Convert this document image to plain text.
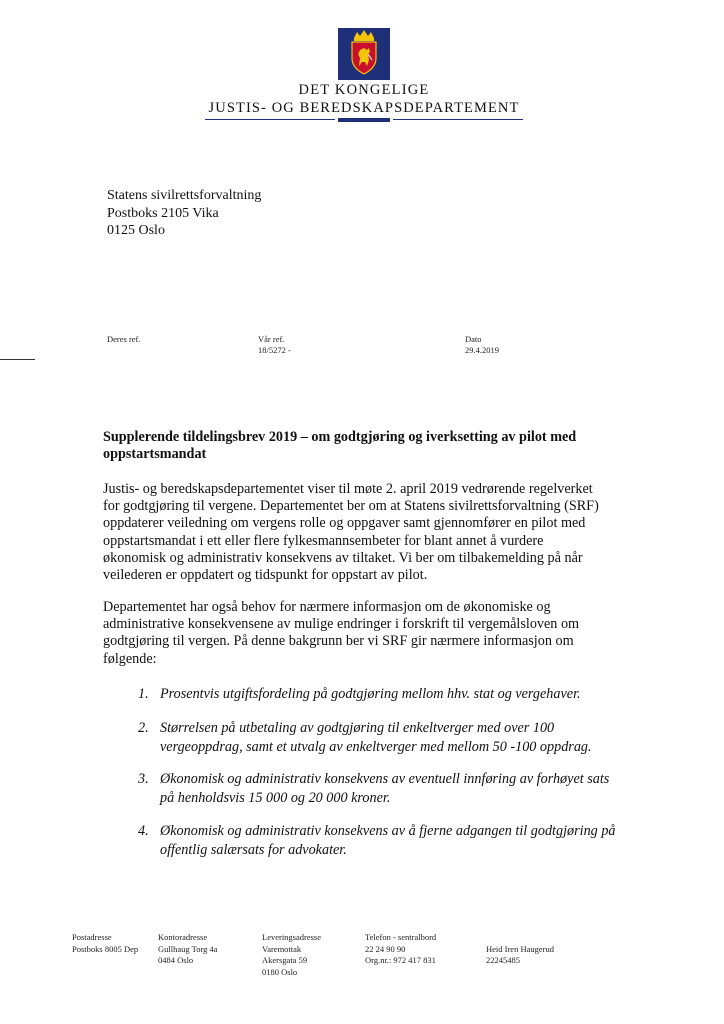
DET KONGELIGE
JUSTIS- OG BEREDSKAPSDEPARTEMENT
Statens sivilrettsforvaltning
Postboks 2105 Vika
0125 Oslo
Deres ref.	Vår ref.
18/5272 -
Dato
29.4.2019
Supplerende tildelingsbrev 2019 – om godtgjøring og iverksetting av pilot med
oppstartsmandat
Justis- og beredskapsdepartementet viser til møte 2. april 2019 vedrørende regelverket
for godtgjøring til vergene. Departementet ber om at Statens sivilrettsforvaltning (SRF)
oppdaterer veiledning om vergens rolle og oppgaver samt gjennomfører en pilot med
oppstartsmandat i ett eller flere fylkesmannsembeter for blant annet å vurdere
økonomisk og administrativ konsekvens av tiltaket. Vi ber om tilbakemelding på når
veilederen er oppdatert og tidspunkt for oppstart av pilot.
Departementet har også behov for nærmere informasjon om de økonomiske og
administrative konsekvensene av mulige endringer i forskrift til vergemålsloven om
godtgjøring til vergen. På denne bakgrunn ber vi SRF gir nærmere informasjon om
følgende:
1. Prosentvis utgiftsfordeling på godtgjøring mellom hhv. stat og vergehaver.
2. Størrelsen på utbetaling av godtgjøring til enkeltverger med over 100
vergeoppdrag, samt et utvalg av enkeltverger med mellom 50 -100 oppdrag.
3. Økonomisk og administrativ konsekvens av eventuell innføring av forhøyet sats
på henholdsvis 15 000 og 20 000 kroner.
4. Økonomisk og administrativ konsekvens av å fjerne adgangen til godtgjøring på
offentlig salærsats for advokater.
Postadresse
Postboks 8005 Dep
Kontoradresse
Gullhaug Torg 4a
0484 Oslo
Leveringsadresse
Varemottak
Akersgata 59
0180 Oslo
Telefon - sentralbord
22 24 90 90
Org.nr.: 972 417 831

Heid Iren Haugerud
22245485
